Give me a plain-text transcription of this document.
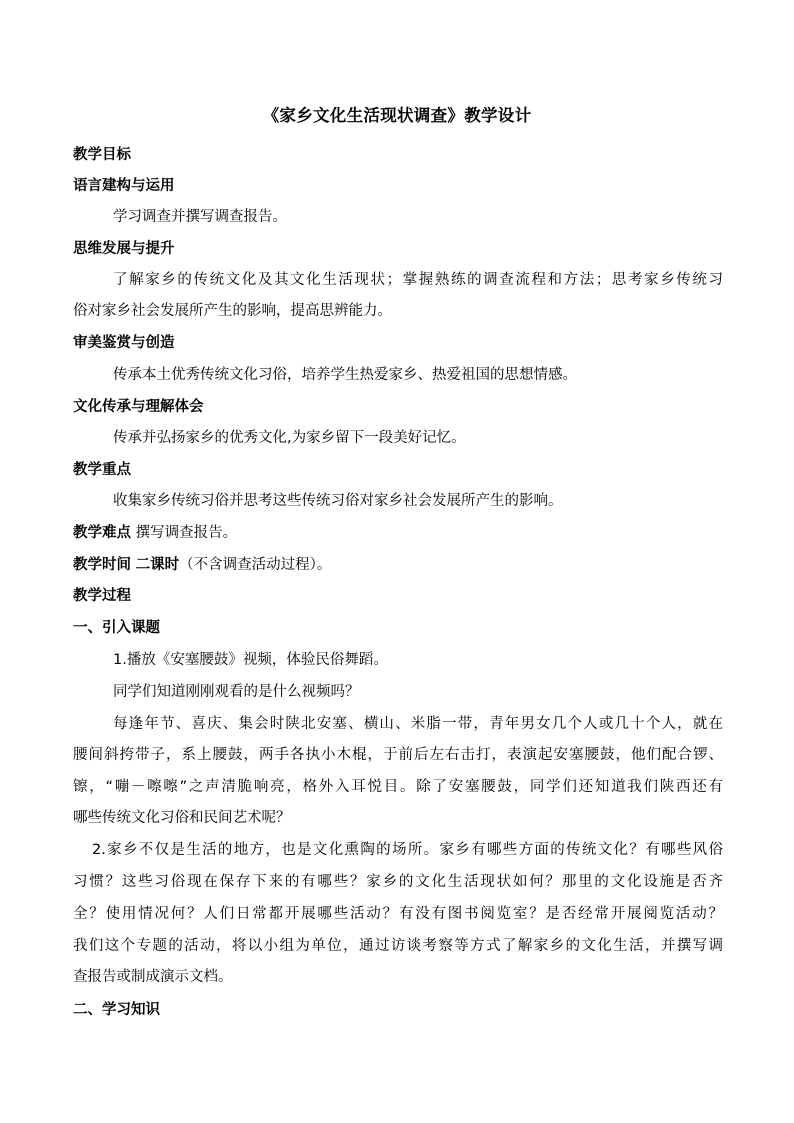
《家乡文化生活现状调查》教学设计
教学目标
语言建构与运用
学习调查并撰写调查报告。
思维发展与提升
了解家乡的传统文化及其文化生活现状；掌握熟练的调查流程和方法；思考家乡传统习
俗对家乡社会发展所产生的影响，提高思辨能力。
审美鉴赏与创造
传承本土优秀传统文化习俗，培养学生热爱家乡、热爱祖国的思想情感。
文化传承与理解体会
传承并弘扬家乡的优秀文化,为家乡留下一段美好记忆。
教学重点
收集家乡传统习俗并思考这些传统习俗对家乡社会发展所产生的影响。
教学难点 撰写调查报告。
教学时间 二课时（不含调查活动过程）。
教学过程
一、引入课题
1.播放《安塞腰鼓》视频，体验民俗舞蹈。
同学们知道刚刚观看的是什么视频吗？
每逢年节、喜庆、集会时陕北安塞、横山、米脂一带，青年男女几个人或几十个人，就在
腰间斜挎带子，系上腰鼓，两手各执小木棍，于前后左右击打，表演起安塞腰鼓，他们配合锣、
镲，“嘣－嚓嚓”之声清脆响亮，格外入耳悦目。除了安塞腰鼓，同学们还知道我们陕西还有
哪些传统文化习俗和民间艺术呢？
2.家乡不仅是生活的地方，也是文化熏陶的场所。家乡有哪些方面的传统文化？有哪些风俗
习惯？这些习俗现在保存下来的有哪些？家乡的文化生活现状如何？那里的文化设施是否齐
全？使用情况何？人们日常都开展哪些活动？有没有图书阅览室？是否经常开展阅览活动？
我们这个专题的活动，将以小组为单位，通过访谈考察等方式了解家乡的文化生活，并撰写调
查报告或制成演示文档。
二、学习知识
